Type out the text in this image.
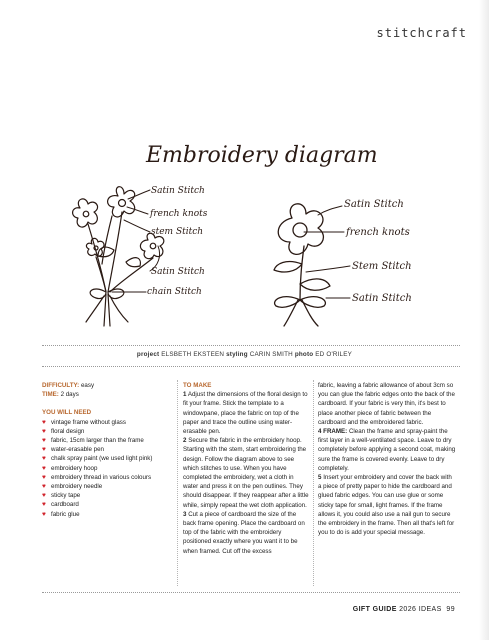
stitchcraft
Embroidery diagram
Satin Stitch
french knots
stem Stitch
Satin Stitch
chain Stitch
Satin Stitch
french knots
Stem Stitch
Satin Stitch
project ELSBETH EKSTEEN styling CARIN SMITH photo ED O'RILEY
DIFFICULTY: easy
TIME: 2 days
YOU WILL NEED
♥ vintage frame without glass
♥ floral design
♥ fabric, 15cm larger than the frame
♥ water-erasable pen
♥ chalk spray paint (we used light pink)
♥ embroidery hoop
♥ embroidery thread in various colours
♥ embroidery needle
♥ sticky tape
♥ cardboard
♥ fabric glue
TO MAKE
1 Adjust the dimensions of the floral design to fit your frame. Stick the template to a windowpane, place the fabric on top of the paper and trace the outline using water-erasable pen.
2 Secure the fabric in the embroidery hoop. Starting with the stem, start embroidering the design. Follow the diagram above to see which stitches to use. When you have completed the embroidery, wet a cloth in water and press it on the pen outlines. They should disappear. If they reappear after a little while, simply repeat the wet cloth application.
3 Cut a piece of cardboard the size of the back frame opening. Place the cardboard on top of the fabric with the embroidery positioned exactly where you want it to be when framed. Cut off the excess
fabric, leaving a fabric allowance of about 3cm so you can glue the fabric edges onto the back of the cardboard. If your fabric is very thin, it's best to place another piece of fabric between the cardboard and the embroidered fabric.
4 FRAME: Clean the frame and spray-paint the first layer in a well-ventilated space. Leave to dry completely before applying a second coat, making sure the frame is covered evenly. Leave to dry completely.
5 Insert your embroidery and cover the back with a piece of pretty paper to hide the cardboard and glued fabric edges. You can use glue or some sticky tape for small, light frames. If the frame allows it, you could also use a nail gun to secure the embroidery in the frame. Then all that's left for you to do is add your special message.
GIFT GUIDE 2026 IDEAS 99
